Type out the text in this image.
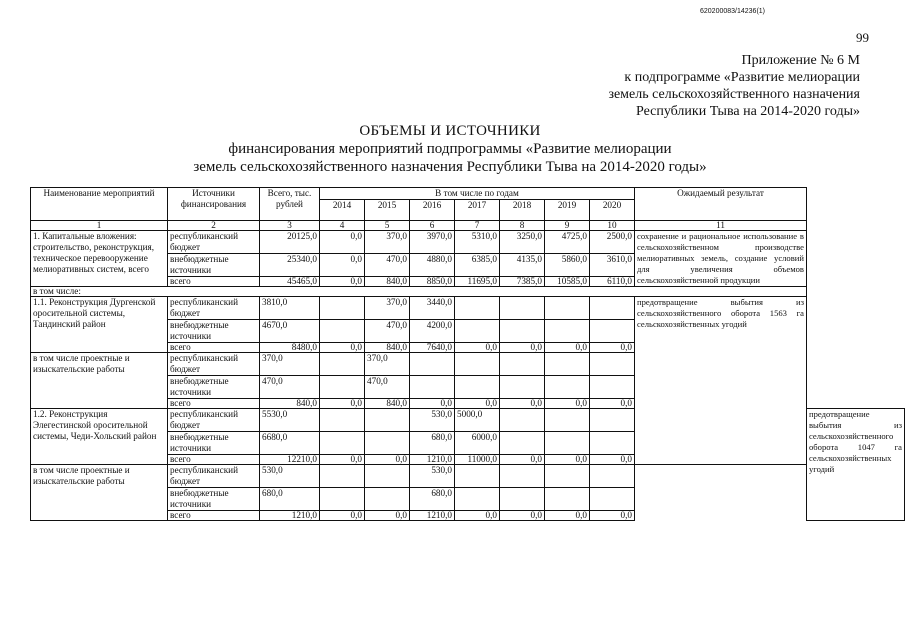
620200083/14236(1)
99
Приложение № 6 М
к подпрограмме «Развитие мелиорации
земель сельскохозяйственного назначения
Республики Тыва на 2014-2020 годы»
ОБЪЕМЫ И ИСТОЧНИКИ
финансирования мероприятий подпрограммы «Развитие мелиорации
земель сельскохозяйственного назначения Республики Тыва на 2014-2020 годы»
Наименование мероприятий	Источники финансирования	Всего, тыс. рублей	В том числе по годам							Ожидаемый результат	
			2014	2015	2016	2017	2018	2019	2020		
1	2	3	4	5	6	7	8	9	10	11	
1. Капитальные вложения: строительство, реконструкция, техническое перевооружение мелиоративных систем, всего	республиканский бюджет	20125,0	0,0	370,0	3970,0	5310,0	3250,0	4725,0	2500,0	сохранение и рациональное использование в сельскохозяйственном производстве мелиоративных земель, создание условий для увеличения объемов сельскохозяйственной продукции	
	внебюджетные источники	25340,0	0,0	470,0	4880,0	6385,0	4135,0	5860,0	3610,0		
	всего	45465,0	0,0	840,0	8850,0	11695,0	7385,0	10585,0	6110,0		
в том числе:											
1.1. Реконструкция Дургенской оросительной системы, Тандинский район	республиканский бюджет	3810,0		370,0	3440,0					предотвращение выбытия из сельскохозяйственного оборота 1563 га сельскохозяйственных угодий	
	внебюджетные источники	4670,0		470,0	4200,0						
	всего	8480,0	0,0	840,0	7640,0	0,0	0,0	0,0	0,0		
в том числе проектные и изыскательские работы	республиканский бюджет	370,0		370,0							
	внебюджетные источники	470,0		470,0							
	всего	840,0	0,0	840,0	0,0	0,0	0,0	0,0	0,0		
1.2. Реконструкция Элегестинской оросительной системы, Чеди-Хольский район	республиканский бюджет	5530,0			530,0	5000,0					предотвращение выбытия из сельскохозяйственного оборота 1047 га сельскохозяйственных угодий
	внебюджетные источники	6680,0			680,0	6000,0					
	всего	12210,0	0,0	0,0	1210,0	11000,0	0,0	0,0	0,0		
в том числе проектные и изыскательские работы	республиканский бюджет	530,0			530,0						
	внебюджетные источники	680,0			680,0						
	всего	1210,0	0,0	0,0	1210,0	0,0	0,0	0,0	0,0		
